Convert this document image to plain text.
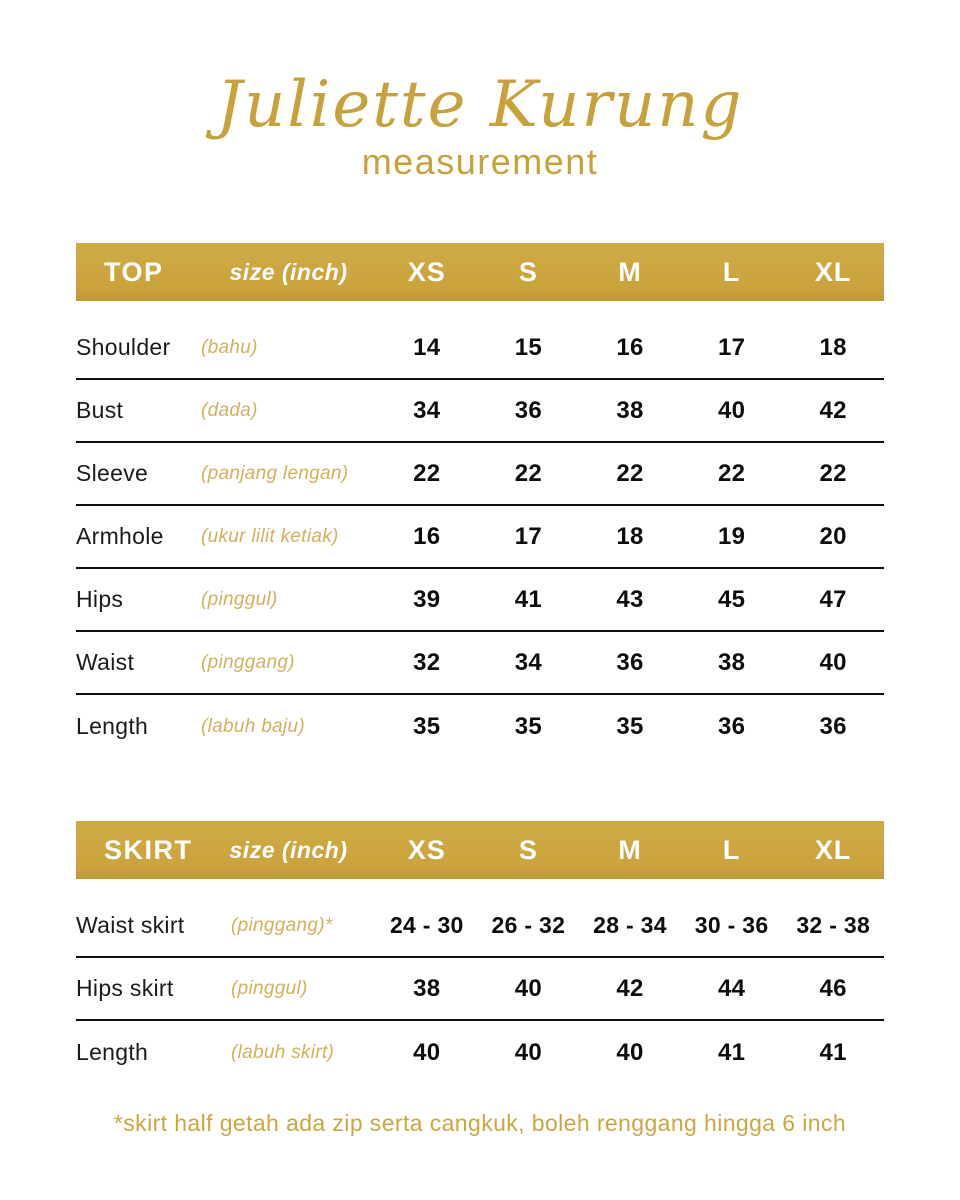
Juliette Kurung
measurement
TOP	size (inch)	XS	S	M	L	XL
Shoulder	(bahu)	14	15	16	17	18
Bust	(dada)	34	36	38	40	42
Sleeve	(panjang lengan)	22	22	22	22	22
Armhole	(ukur lilit ketiak)	16	17	18	19	20
Hips	(pinggul)	39	41	43	45	47
Waist	(pinggang)	32	34	36	38	40
Length	(labuh baju)	35	35	35	36	36
SKIRT	size (inch)	XS	S	M	L	XL
Waist skirt	(pinggang)*	24 - 30	26 - 32	28 - 34	30 - 36	32 - 38
Hips skirt	(pinggul)	38	40	42	44	46
Length	(labuh skirt)	40	40	40	41	41
*skirt half getah ada zip serta cangkuk, boleh renggang hingga 6 inch
